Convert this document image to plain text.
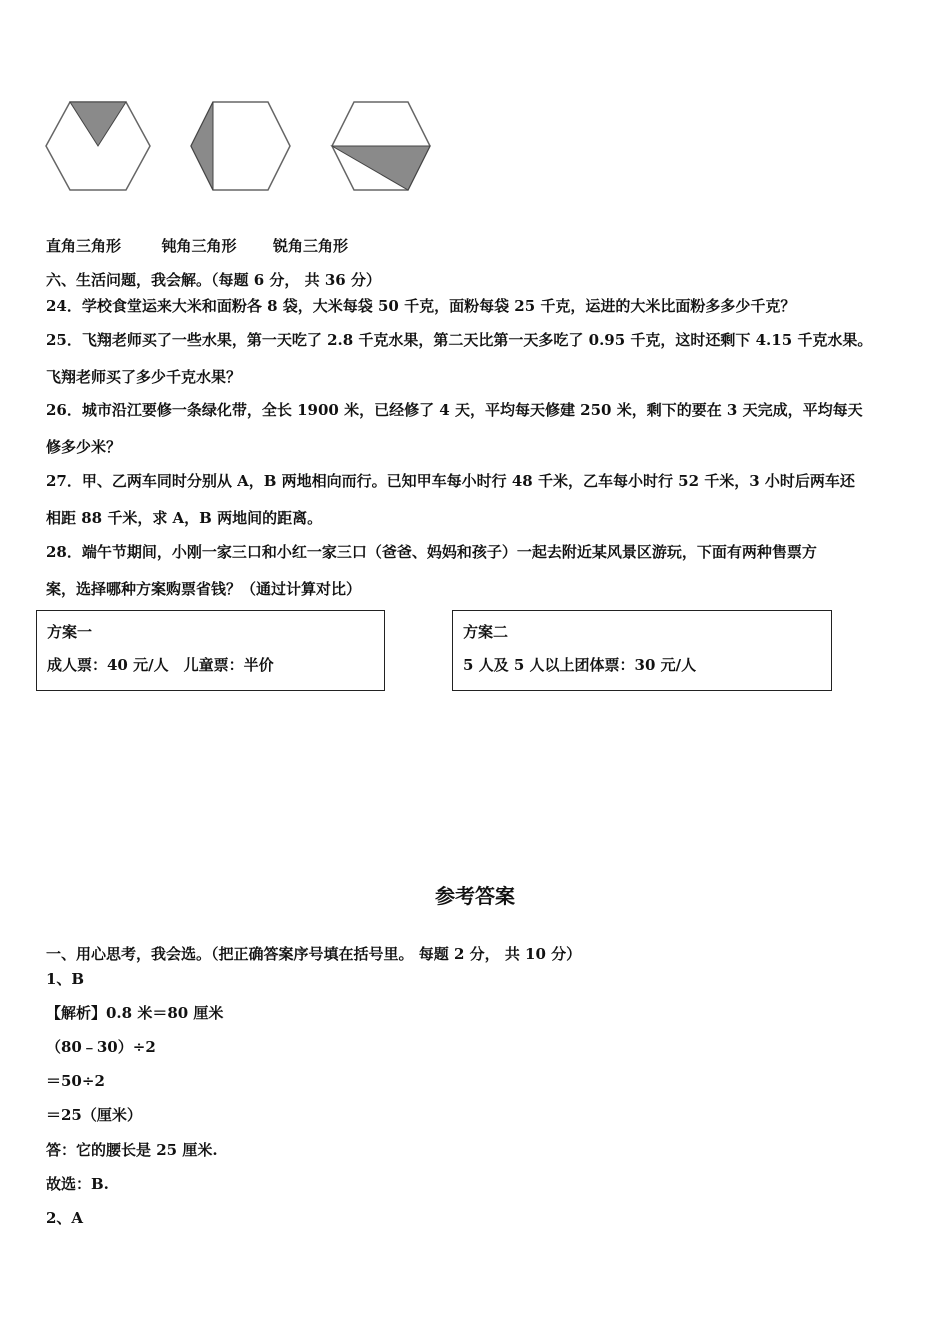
直角三角形	钝角三角形 锐角三角形
六、生活问题，我会解。（每题 6 分， 共 36 分）
24．学校食堂运来大米和面粉各 8 袋，大米每袋 50 千克，面粉每袋 25 千克，运进的大米比面粉多多少千克？
25．飞翔老师买了一些水果，第一天吃了 2.8 千克水果，第二天比第一天多吃了 0.95 千克，这时还剩下 4.15 千克水果。
飞翔老师买了多少千克水果？
26．城市沿江要修一条绿化带，全长 1900 米，已经修了 4 天，平均每天修建 250 米，剩下的要在 3 天完成，平均每天
修多少米？
27．甲、乙两车同时分别从 A，B 两地相向而行。已知甲车每小时行 48 千米，乙车每小时行 52 千米，3 小时后两车还
相距 88 千米，求 A，B 两地间的距离。
28．端午节期间，小刚一家三口和小红一家三口（爸爸、妈妈和孩子）一起去附近某风景区游玩，下面有两种售票方
案，选择哪种方案购票省钱？（通过计算对比）
方案一
成人票：40 元/人　儿童票：半价
方案二
5 人及 5 人以上团体票：30 元/人
参考答案
一、用心思考，我会选。（把正确答案序号填在括号里。 每题 2 分， 共 10 分）
1、B
【解析】0.8 米＝80 厘米
（80﹣30）÷2
＝50÷2
＝25（厘米）
答：它的腰长是 25 厘米.
故选：B.
2、A
